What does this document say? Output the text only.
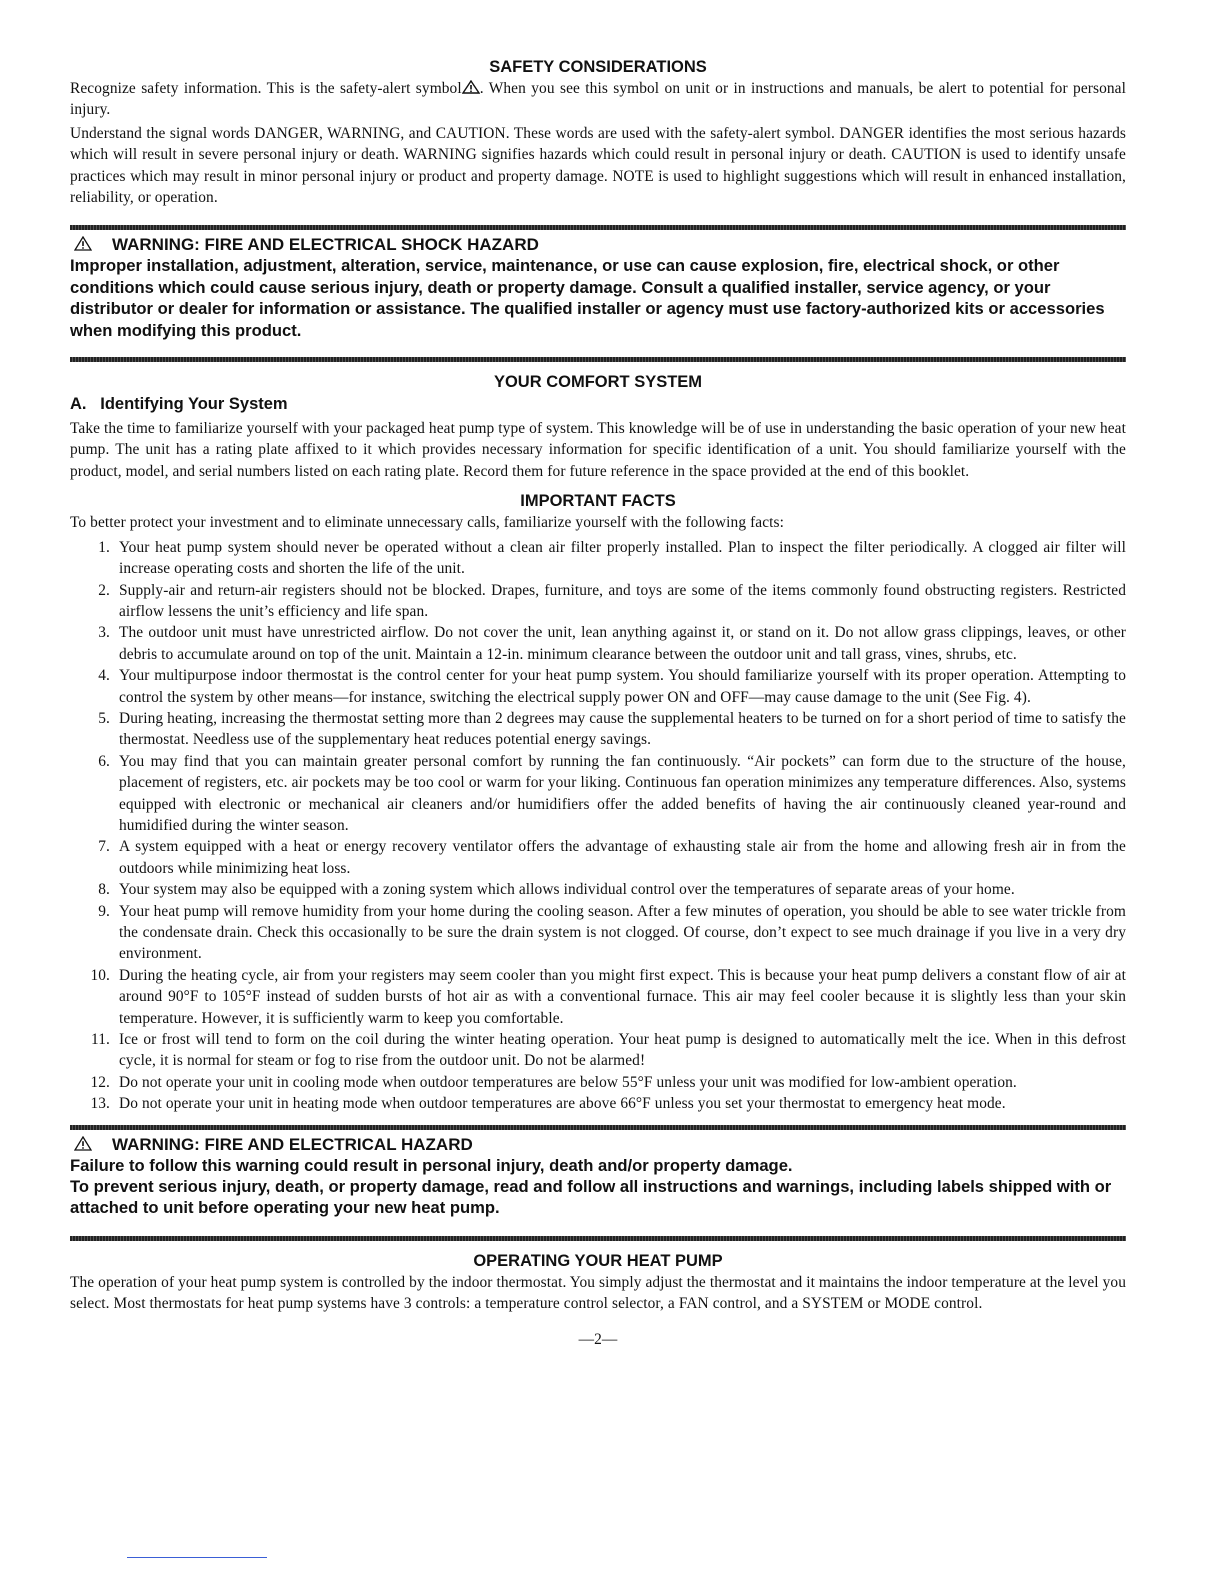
SAFETY CONSIDERATIONS

Recognize safety information. This is the safety-alert symbol . When you see this symbol on unit or in instructions and manuals, be alert to potential for personal injury.

Understand the signal words DANGER, WARNING, and CAUTION. These words are used with the safety-alert symbol. DANGER identifies the most serious hazards which will result in severe personal injury or death. WARNING signifies hazards which could result in personal injury or death. CAUTION is used to identify unsafe practices which may result in minor personal injury or product and property damage. NOTE is used to highlight suggestions which will result in enhanced installation, reliability, or operation.

WARNING: FIRE AND ELECTRICAL SHOCK HAZARD
Improper installation, adjustment, alteration, service, maintenance, or use can cause explosion, fire, electrical shock, or other conditions which could cause serious injury, death or property damage. Consult a qualified installer, service agency, or your distributor or dealer for information or assistance. The qualified installer or agency must use factory-authorized kits or accessories when modifying this product.
YOUR COMFORT SYSTEM
A.   Identifying Your System

Take the time to familiarize yourself with your packaged heat pump type of system. This knowledge will be of use in understanding the basic operation of your new heat pump. The unit has a rating plate affixed to it which provides necessary information for specific identification of a unit. You should familiarize yourself with the product, model, and serial numbers listed on each rating plate. Record them for future reference in the space provided at the end of this booklet.

IMPORTANT FACTS

To better protect your investment and to eliminate unnecessary calls, familiarize yourself with the following facts:

1. Your heat pump system should never be operated without a clean air filter properly installed. Plan to inspect the filter periodically. A clogged air filter will increase operating costs and shorten the life of the unit.
2. Supply-air and return-air registers should not be blocked. Drapes, furniture, and toys are some of the items commonly found obstructing registers. Restricted airflow lessens the unit’s efficiency and life span.
3. The outdoor unit must have unrestricted airflow. Do not cover the unit, lean anything against it, or stand on it. Do not allow grass clippings, leaves, or other debris to accumulate around on top of the unit. Maintain a 12-in. minimum clearance between the outdoor unit and tall grass, vines, shrubs, etc.
4. Your multipurpose indoor thermostat is the control center for your heat pump system. You should familiarize yourself with its proper operation. Attempting to control the system by other means—for instance, switching the electrical supply power ON and OFF—may cause damage to the unit (See Fig. 4).
5. During heating, increasing the thermostat setting more than 2 degrees may cause the supplemental heaters to be turned on for a short period of time to satisfy the thermostat. Needless use of the supplementary heat reduces potential energy savings.
6. You may find that you can maintain greater personal comfort by running the fan continuously. “Air pockets” can form due to the structure of the house, placement of registers, etc. air pockets may be too cool or warm for your liking. Continuous fan operation minimizes any temperature differences. Also, systems equipped with electronic or mechanical air cleaners and/or humidifiers offer the added benefits of having the air continuously cleaned year-round and humidified during the winter season.
7. A system equipped with a heat or energy recovery ventilator offers the advantage of exhausting stale air from the home and allowing fresh air in from the outdoors while minimizing heat loss.
8. Your system may also be equipped with a zoning system which allows individual control over the temperatures of separate areas of your home.
9. Your heat pump will remove humidity from your home during the cooling season. After a few minutes of operation, you should be able to see water trickle from the condensate drain. Check this occasionally to be sure the drain system is not clogged. Of course, don’t expect to see much drainage if you live in a very dry environment.
10. During the heating cycle, air from your registers may seem cooler than you might first expect. This is because your heat pump delivers a constant flow of air at around 90°F to 105°F instead of sudden bursts of hot air as with a conventional furnace. This air may feel cooler because it is slightly less than your skin temperature. However, it is sufficiently warm to keep you comfortable.
11. Ice or frost will tend to form on the coil during the winter heating operation. Your heat pump is designed to automatically melt the ice. When in this defrost cycle, it is normal for steam or fog to rise from the outdoor unit. Do not be alarmed!
12. Do not operate your unit in cooling mode when outdoor temperatures are below 55°F unless your unit was modified for low-ambient operation.
13. Do not operate your unit in heating mode when outdoor temperatures are above 66°F unless you set your thermostat to emergency heat mode.
WARNING: FIRE AND ELECTRICAL HAZARD
Failure to follow this warning could result in personal injury, death and/or property damage.
To prevent serious injury, death, or property damage, read and follow all instructions and warnings, including labels shipped with or attached to unit before operating your new heat pump.
OPERATING YOUR HEAT PUMP

The operation of your heat pump system is controlled by the indoor thermostat. You simply adjust the thermostat and it maintains the indoor temperature at the level you select. Most thermostats for heat pump systems have 3 controls: a temperature control selector, a FAN control, and a SYSTEM or MODE control.

—2—
